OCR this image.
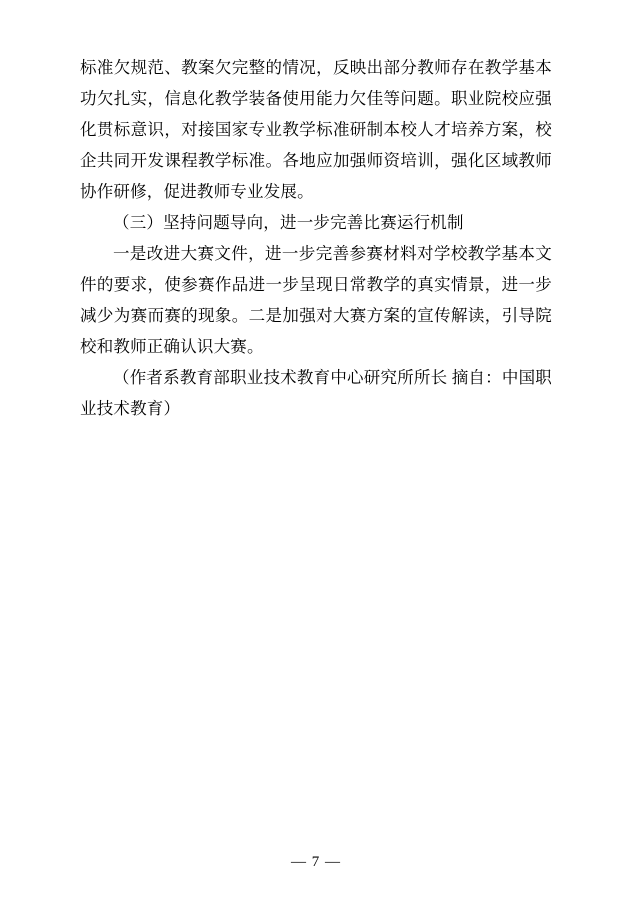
标准欠规范、教案欠完整的情况，反映出部分教师存在教学基本功欠扎实，信息化教学装备使用能力欠佳等问题。职业院校应强化贯标意识，对接国家专业教学标准研制本校人才培养方案，校企共同开发课程教学标准。各地应加强师资培训，强化区域教师协作研修，促进教师专业发展。

（三）坚持问题导向，进一步完善比赛运行机制

一是改进大赛文件，进一步完善参赛材料对学校教学基本文件的要求，使参赛作品进一步呈现日常教学的真实情景，进一步减少为赛而赛的现象。二是加强对大赛方案的宣传解读，引导院校和教师正确认识大赛。

（作者系教育部职业技术教育中心研究所所长 摘自：中国职业技术教育）

— 7 —
